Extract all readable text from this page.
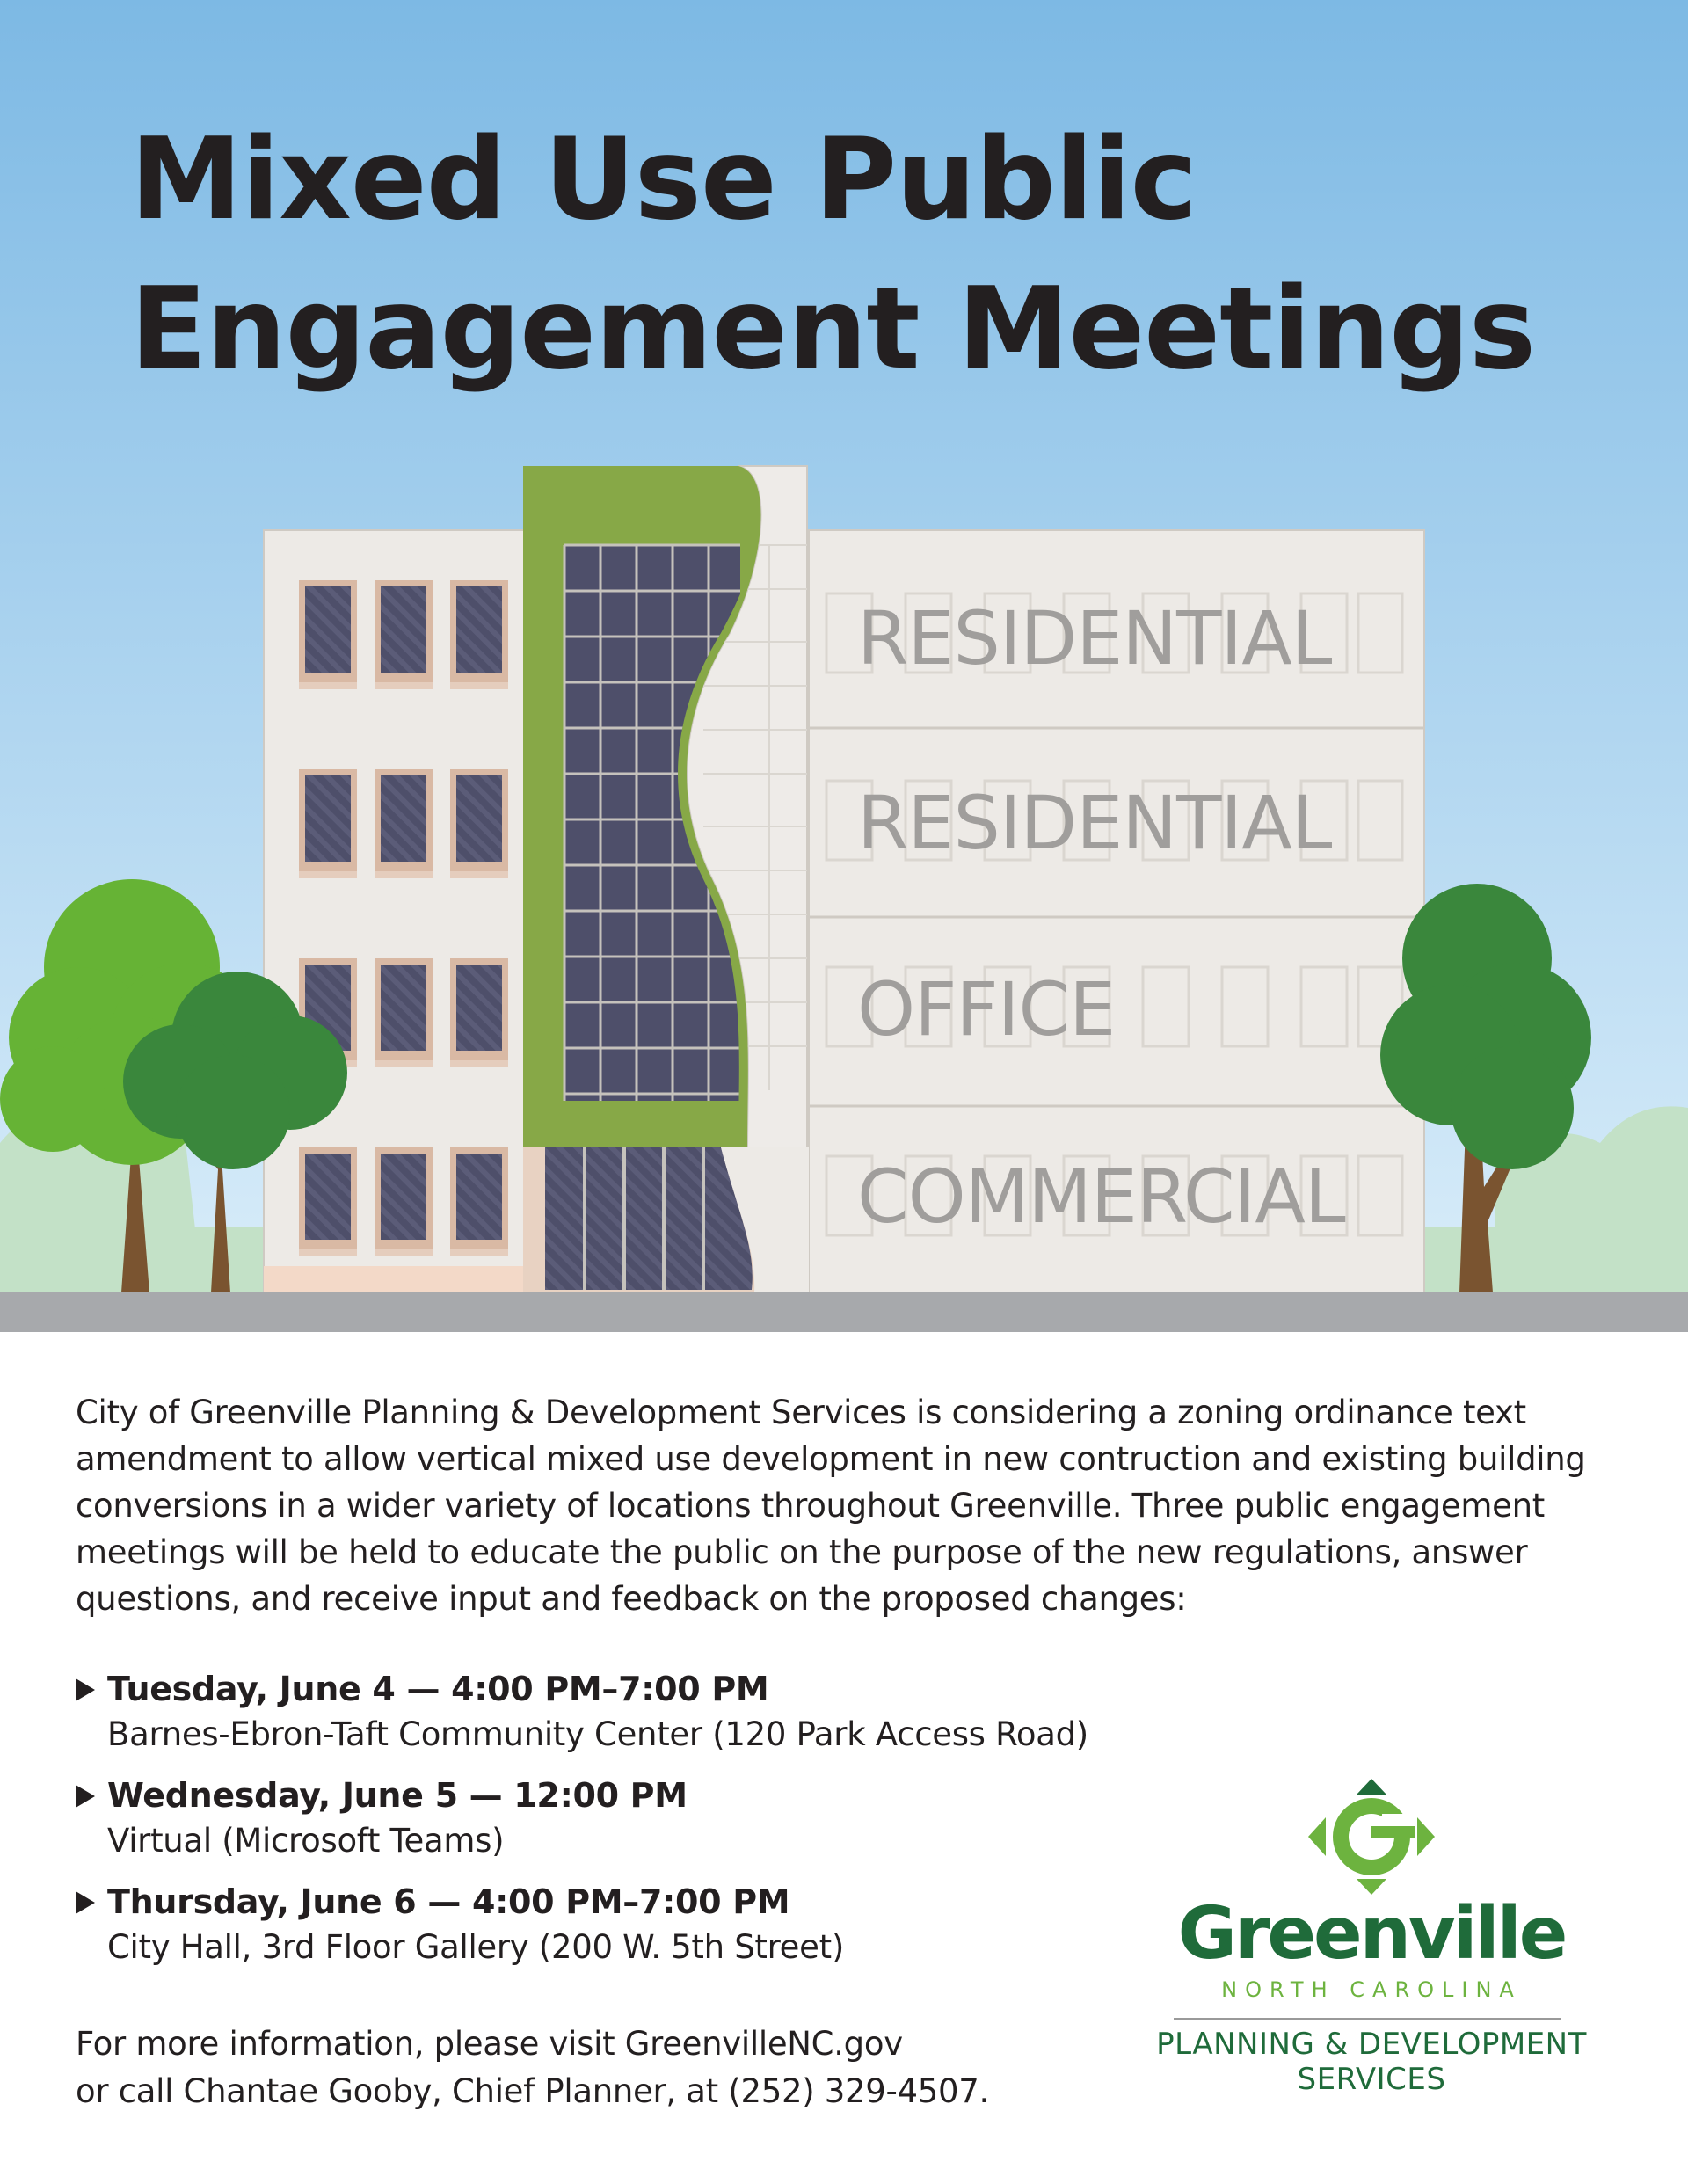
RESIDENTIAL
RESIDENTIAL
OFFICE
COMMERCIAL
Mixed Use Public
Engagement Meetings

City of Greenville Planning & Development Services is considering a zoning ordinance text amendment to allow vertical mixed use development in new contruction and existing building conversions in a wider variety of locations throughout Greenville. Three public engagement meetings will be held to educate the public on the purpose of the new regulations, answer questions, and receive input and feedback on the proposed changes:

Tuesday, June 4 — 4:00 PM–7:00 PM
Barnes-Ebron-Taft Community Center (120 Park Access Road)
Wednesday, June 5 — 12:00 PM
Virtual (Microsoft Teams)
Thursday, June 6 — 4:00 PM–7:00 PM
City Hall, 3rd Floor Gallery (200 W. 5th Street)

For more information, please visit GreenvilleNC.gov
or call Chantae Gooby, Chief Planner, at (252) 329-4507.

Greenville
NORTH CAROLINA
PLANNING & DEVELOPMENT
SERVICES
